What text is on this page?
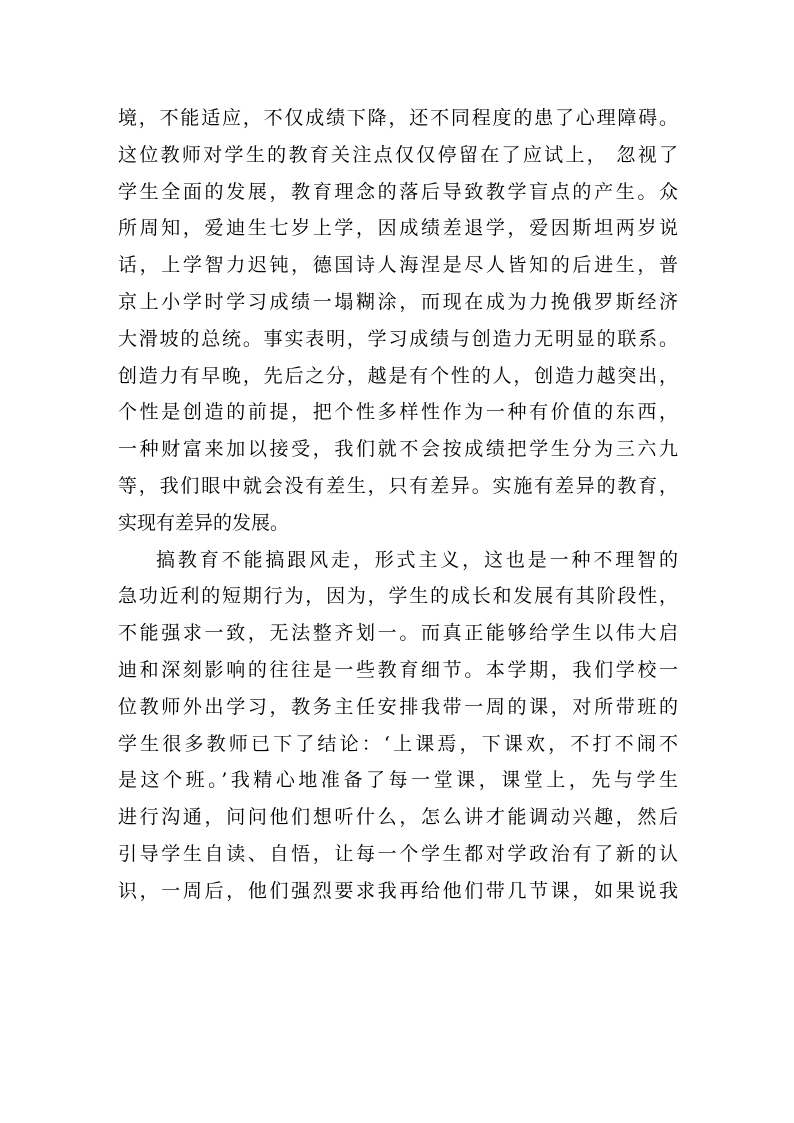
境，不能适应，不仅成绩下降，还不同程度的患了心理障碍。
这位教师对学生的教育关注点仅仅停留在了应试上， 忽视了
学生全面的发展，教育理念的落后导致教学盲点的产生。众
所周知，爱迪生七岁上学，因成绩差退学，爱因斯坦两岁说
话，上学智力迟钝，德国诗人海涅是尽人皆知的后进生，普
京上小学时学习成绩一塌糊涂，而现在成为力挽俄罗斯经济
大滑坡的总统。事实表明，学习成绩与创造力无明显的联系。
创造力有早晚，先后之分，越是有个性的人，创造力越突出，
个性是创造的前提，把个性多样性作为一种有价值的东西，
一种财富来加以接受，我们就不会按成绩把学生分为三六九
等，我们眼中就会没有差生，只有差异。实施有差异的教育，
实现有差异的发展。
搞教育不能搞跟风走，形式主义，这也是一种不理智的
急功近利的短期行为，因为，学生的成长和发展有其阶段性，
不能强求一致，无法整齐划一。而真正能够给学生以伟大启
迪和深刻影响的往往是一些教育细节。本学期，我们学校一
位教师外出学习，教务主任安排我带一周的课，对所带班的
学生很多教师已下了结论：‘上课焉，下课欢，不打不闹不
是这个班。’我精心地准备了每一堂课，课堂上，先与学生
进行沟通，问问他们想听什么，怎么讲才能调动兴趣，然后
引导学生自读、自悟，让每一个学生都对学政治有了新的认
识，一周后，他们强烈要求我再给他们带几节课，如果说我
